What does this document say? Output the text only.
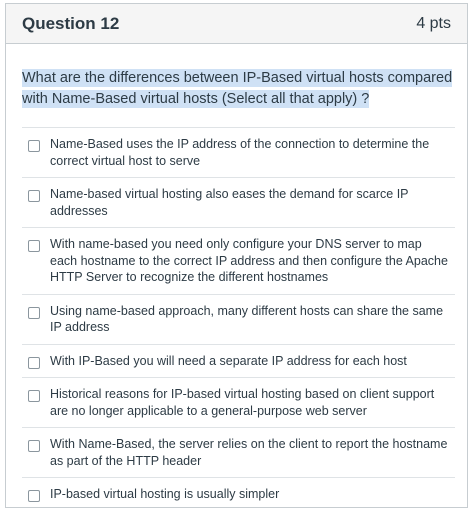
Question 12	4 pts
What are the differences between IP-Based virtual hosts compared with Name-Based virtual hosts (Select all that apply) ?
Name-Based uses the IP address of the connection to determine the correct virtual host to serve
Name-based virtual hosting also eases the demand for scarce IP addresses
With name-based you need only configure your DNS server to map each hostname to the correct IP address and then configure the Apache HTTP Server to recognize the different hostnames
Using name-based approach, many different hosts can share the same IP address
With IP-Based you will need a separate IP address for each host
Historical reasons for IP-based virtual hosting based on client support are no longer applicable to a general-purpose web server
With Name-Based, the server relies on the client to report the hostname as part of the HTTP header
IP-based virtual hosting is usually simpler
